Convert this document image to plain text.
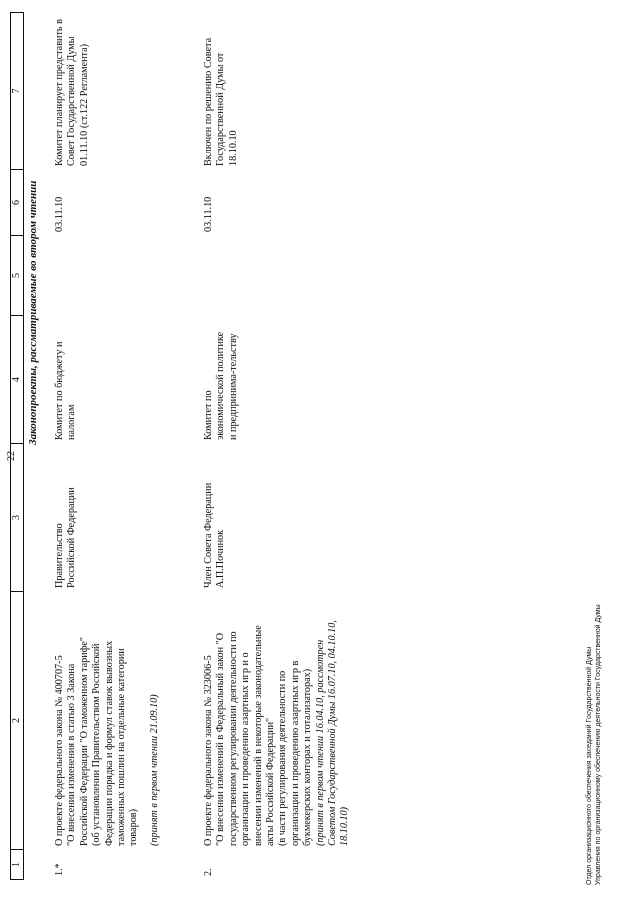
22
1
2
3
4
5
6
7
Законопроекты, рассматриваемые во втором чтении
1.*
О проекте федерального закона № 400707-5 "О внесении изменения в статью 3 Закона Российской Федерации "О таможенном тарифе" (об установлении Правительством Российской Федерации порядка и формул ставок вывозных таможенных пошлин на отдельные категории товаров) (принят в первом чтении 21.09.10)
Правительство Российской Федерации
Комитет по бюджету и налогам
03.11.10
Комитет планирует представить в Совет Государственной Думы 01.11.10 (ст.122 Регламента)
2.
О проекте федерального закона № 323006-5 "О внесении изменений в Федеральный закон "О государственном регулировании деятельности по организации и проведению азартных игр и о внесении изменений в некоторые законодательные акты Российской Федерации" (в части регулирования деятельности по организации и проведению азартных игр в букмекерских конторах и тотализаторах) (принят в первом чтении 16.04.10, рассмотрен Советом Государственной Думы 16.07.10, 04.10.10, 18.10.10)
Член Совета Федерации А.П.Починок
Комитет по экономической политике и предпринима-тельству
03.11.10
Включен по решению Совета Государственной Думы от 18.10.10
Отдел организационного обеспечения заседаний Государственной Думы Управления по организационному обеспечению деятельности Государственной Думы
